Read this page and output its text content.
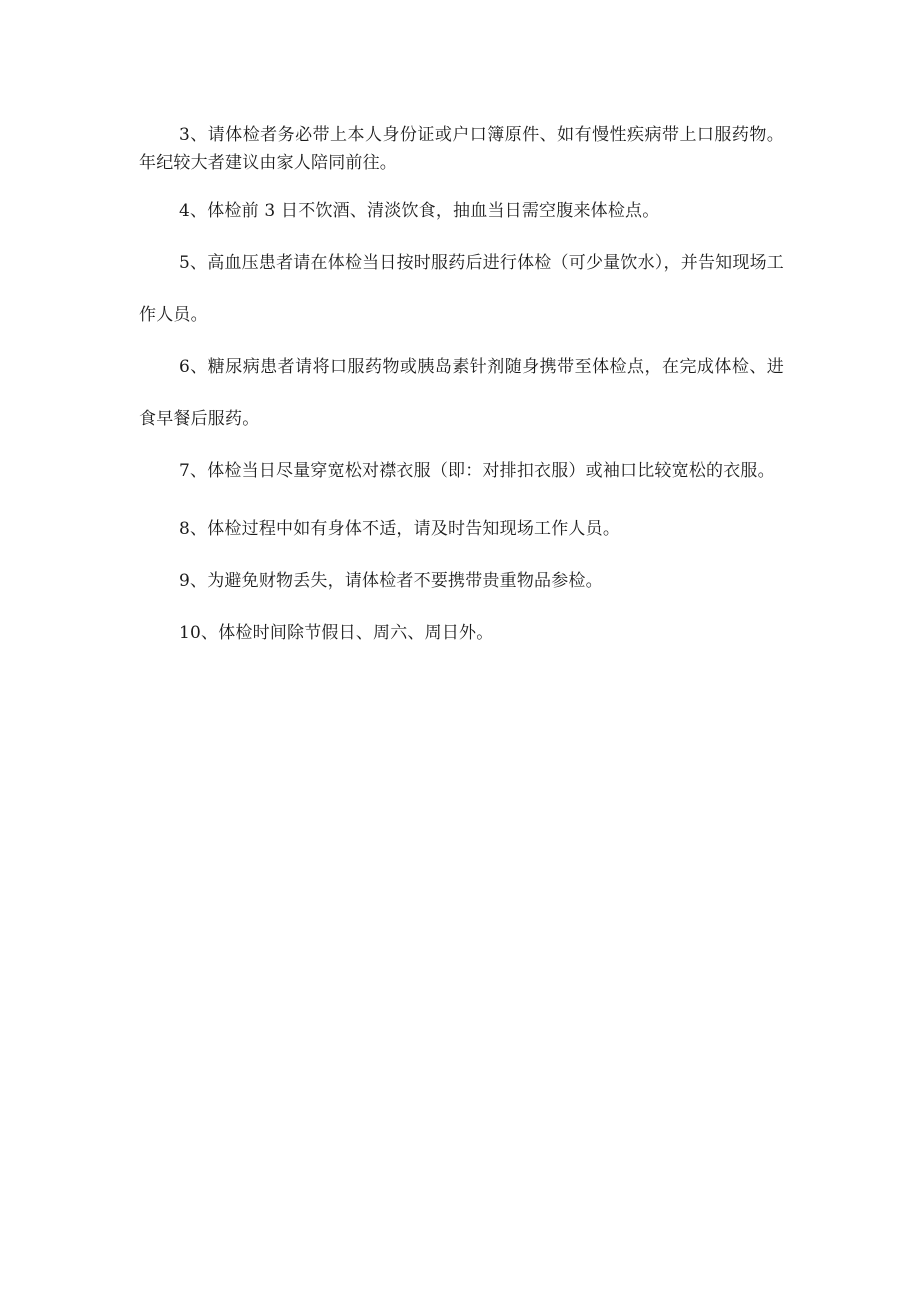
3、请体检者务必带上本人身份证或户口簿原件、如有慢性疾病带上口服药物。年纪较大者建议由家人陪同前往。

4、体检前 3 日不饮酒、清淡饮食，抽血当日需空腹来体检点。

5、高血压患者请在体检当日按时服药后进行体检（可少量饮水），并告知现场工作人员。

6、糖尿病患者请将口服药物或胰岛素针剂随身携带至体检点，在完成体检、进食早餐后服药。

7、体检当日尽量穿宽松对襟衣服（即：对排扣衣服）或袖口比较宽松的衣服。

8、体检过程中如有身体不适，请及时告知现场工作人员。

9、为避免财物丢失，请体检者不要携带贵重物品参检。

10、体检时间除节假日、周六、周日外。
